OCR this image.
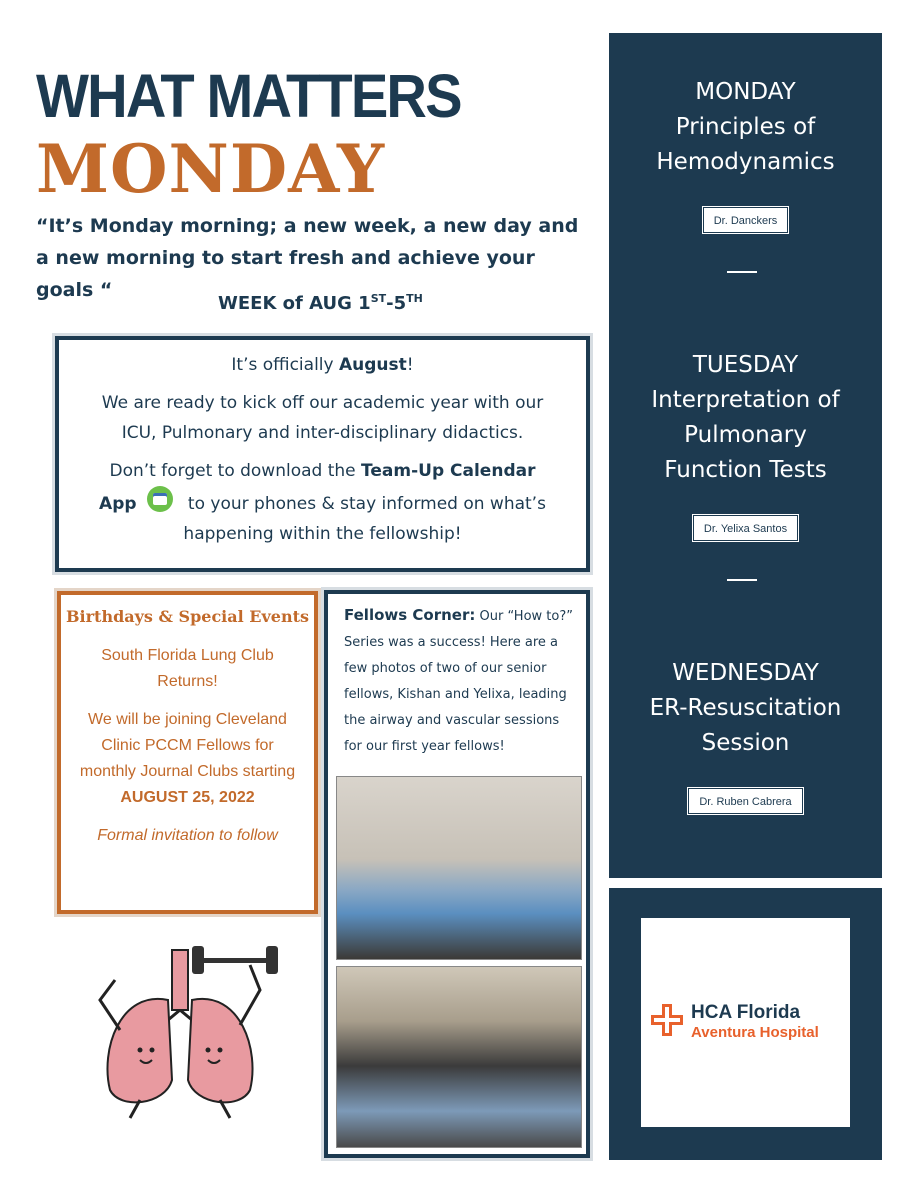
WHAT MATTERS
MONDAY
“It’s Monday morning; a new week, a new day and a new morning to start fresh and achieve your goals “
WEEK of AUG 1ST-5TH

It’s officially August!

We are ready to kick off our academic year with our ICU, Pulmonary and inter-disciplinary didactics.

Don’t forget to download the Team-Up Calendar App	to your phones & stay informed on what’s happening within the fellowship!

Birthdays & Special Events
South Florida Lung Club Returns!
We will be joining Cleveland Clinic PCCM Fellows for monthly Journal Clubs starting
AUGUST 25, 2022
Formal invitation to follow
Fellows Corner: Our “How to?” Series was a success! Here are a few photos of two of our senior fellows, Kishan and Yelixa, leading the airway and vascular sessions for our first year fellows!
MONDAY
Principles of Hemodynamics
Dr. Danckers
TUESDAY
Interpretation of Pulmonary Function Tests
Dr. Yelixa Santos
WEDNESDAY
ER-Resuscitation Session
Dr. Ruben Cabrera
HCA Florida
Aventura Hospital
